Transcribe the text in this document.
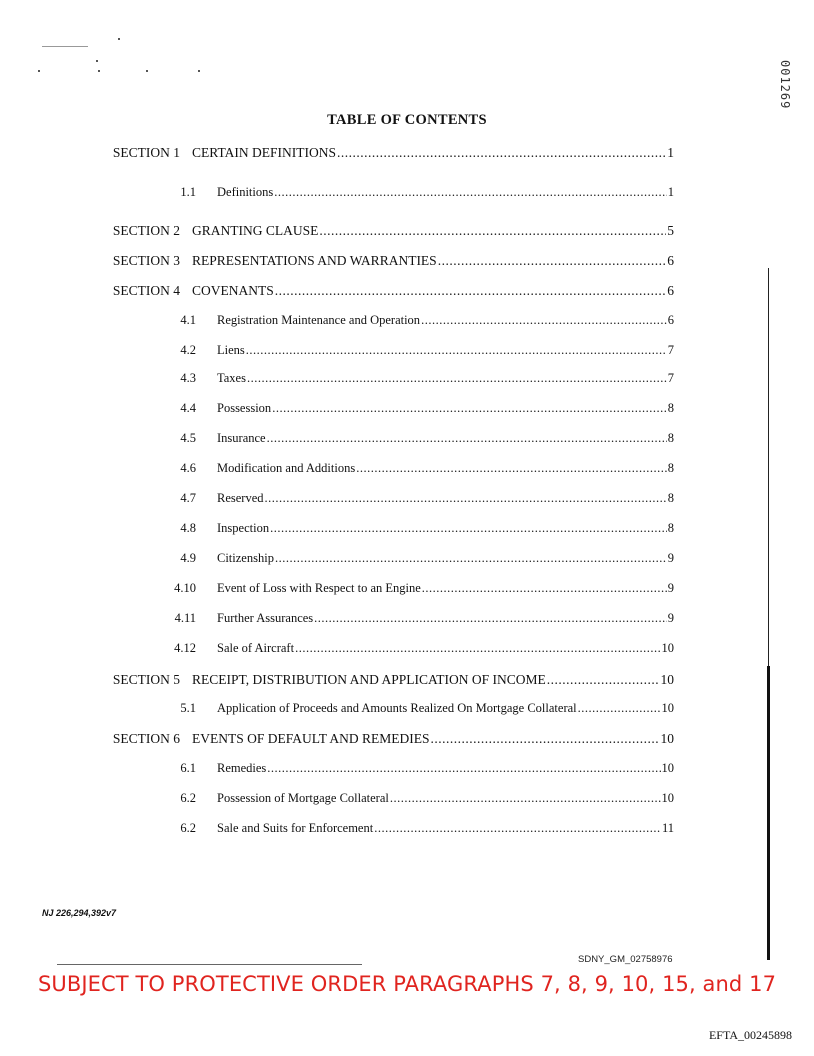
001269
TABLE OF CONTENTS
SECTION 1 CERTAIN DEFINITIONS .....	1
1.1 Definitions .....	1
SECTION 2 GRANTING CLAUSE .....	5
SECTION 3 REPRESENTATIONS AND WARRANTIES .....	6
SECTION 4 COVENANTS .....	6
4.1 Registration Maintenance and Operation .....	6
4.2 Liens .....	7
4.3 Taxes .....	7
4.4 Possession .....	8
4.5 Insurance .....	8
4.6 Modification and Additions .....	8
4.7 Reserved .....	8
4.8 Inspection .....	8
4.9 Citizenship .....	9
4.10 Event of Loss with Respect to an Engine .....	9
4.11 Further Assurances .....	9
4.12 Sale of Aircraft .....	10
SECTION 5 RECEIPT, DISTRIBUTION AND APPLICATION OF INCOME .....	10
5.1 Application of Proceeds and Amounts Realized On Mortgage Collateral .....	10
SECTION 6 EVENTS OF DEFAULT AND REMEDIES .....	10
6.1 Remedies .....	10
6.2 Possession of Mortgage Collateral .....	10
6.2 Sale and Suits for Enforcement .....	11
NJ 226,294,392v7
SDNY_GM_02758976
SUBJECT TO PROTECTIVE ORDER PARAGRAPHS 7, 8, 9, 10, 15, and 17
EFTA_00245898
